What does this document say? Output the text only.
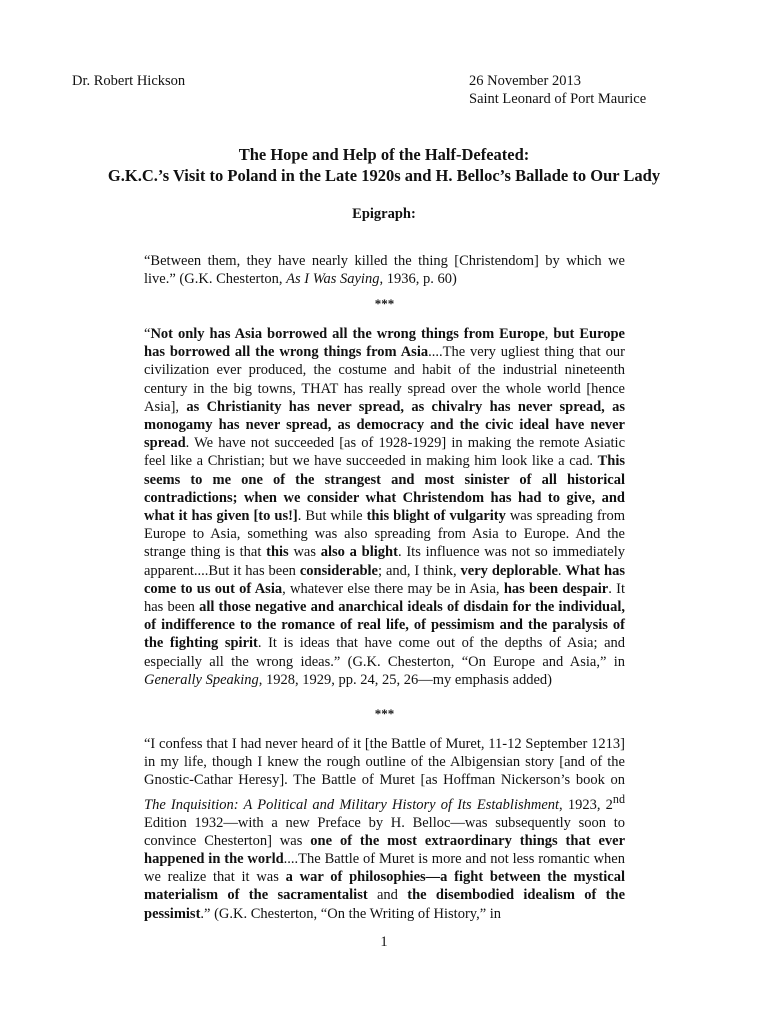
Dr. Robert Hickson	26 November 2013
Saint Leonard of Port Maurice
The Hope and Help of the Half-Defeated:
G.K.C.’s Visit to Poland in the Late 1920s and H. Belloc’s Ballade to Our Lady

Epigraph:

“Between them, they have nearly killed the thing [Christendom] by which we live.” (G.K. Chesterton, As I Was Saying, 1936, p. 60)

***

“Not only has Asia borrowed all the wrong things from Europe, but Europe has borrowed all the wrong things from Asia....The very ugliest thing that our civilization ever produced, the costume and habit of the industrial nineteenth century in the big towns, THAT has really spread over the whole world [hence Asia], as Christianity has never spread, as chivalry has never spread, as monogamy has never spread, as democracy and the civic ideal have never spread. We have not succeeded [as of 1928-1929] in making the remote Asiatic feel like a Christian; but we have succeeded in making him look like a cad. This seems to me one of the strangest and most sinister of all historical contradictions; when we consider what Christendom has had to give, and what it has given [to us!]. But while this blight of vulgarity was spreading from Europe to Asia, something was also spreading from Asia to Europe. And the strange thing is that this was also a blight. Its influence was not so immediately apparent....But it has been considerable; and, I think, very deplorable. What has come to us out of Asia, whatever else there may be in Asia, has been despair. It has been all those negative and anarchical ideals of disdain for the individual, of indifference to the romance of real life, of pessimism and the paralysis of the fighting spirit. It is ideas that have come out of the depths of Asia; and especially all the wrong ideas.” (G.K. Chesterton, “On Europe and Asia,” in Generally Speaking, 1928, 1929, pp. 24, 25, 26—my emphasis added)

***

“I confess that I had never heard of it [the Battle of Muret, 11-12 September 1213] in my life, though I knew the rough outline of the Albigensian story [and of the Gnostic-Cathar Heresy]. The Battle of Muret [as Hoffman Nickerson’s book on The Inquisition: A Political and Military History of Its Establishment, 1923, 2nd Edition 1932—with a new Preface by H. Belloc—was subsequently soon to convince Chesterton] was one of the most extraordinary things that ever happened in the world....The Battle of Muret is more and not less romantic when we realize that it was a war of philosophies—a fight between the mystical materialism of the sacramentalist and the disembodied idealism of the pessimist.” (G.K. Chesterton, “On the Writing of History,” in

1
